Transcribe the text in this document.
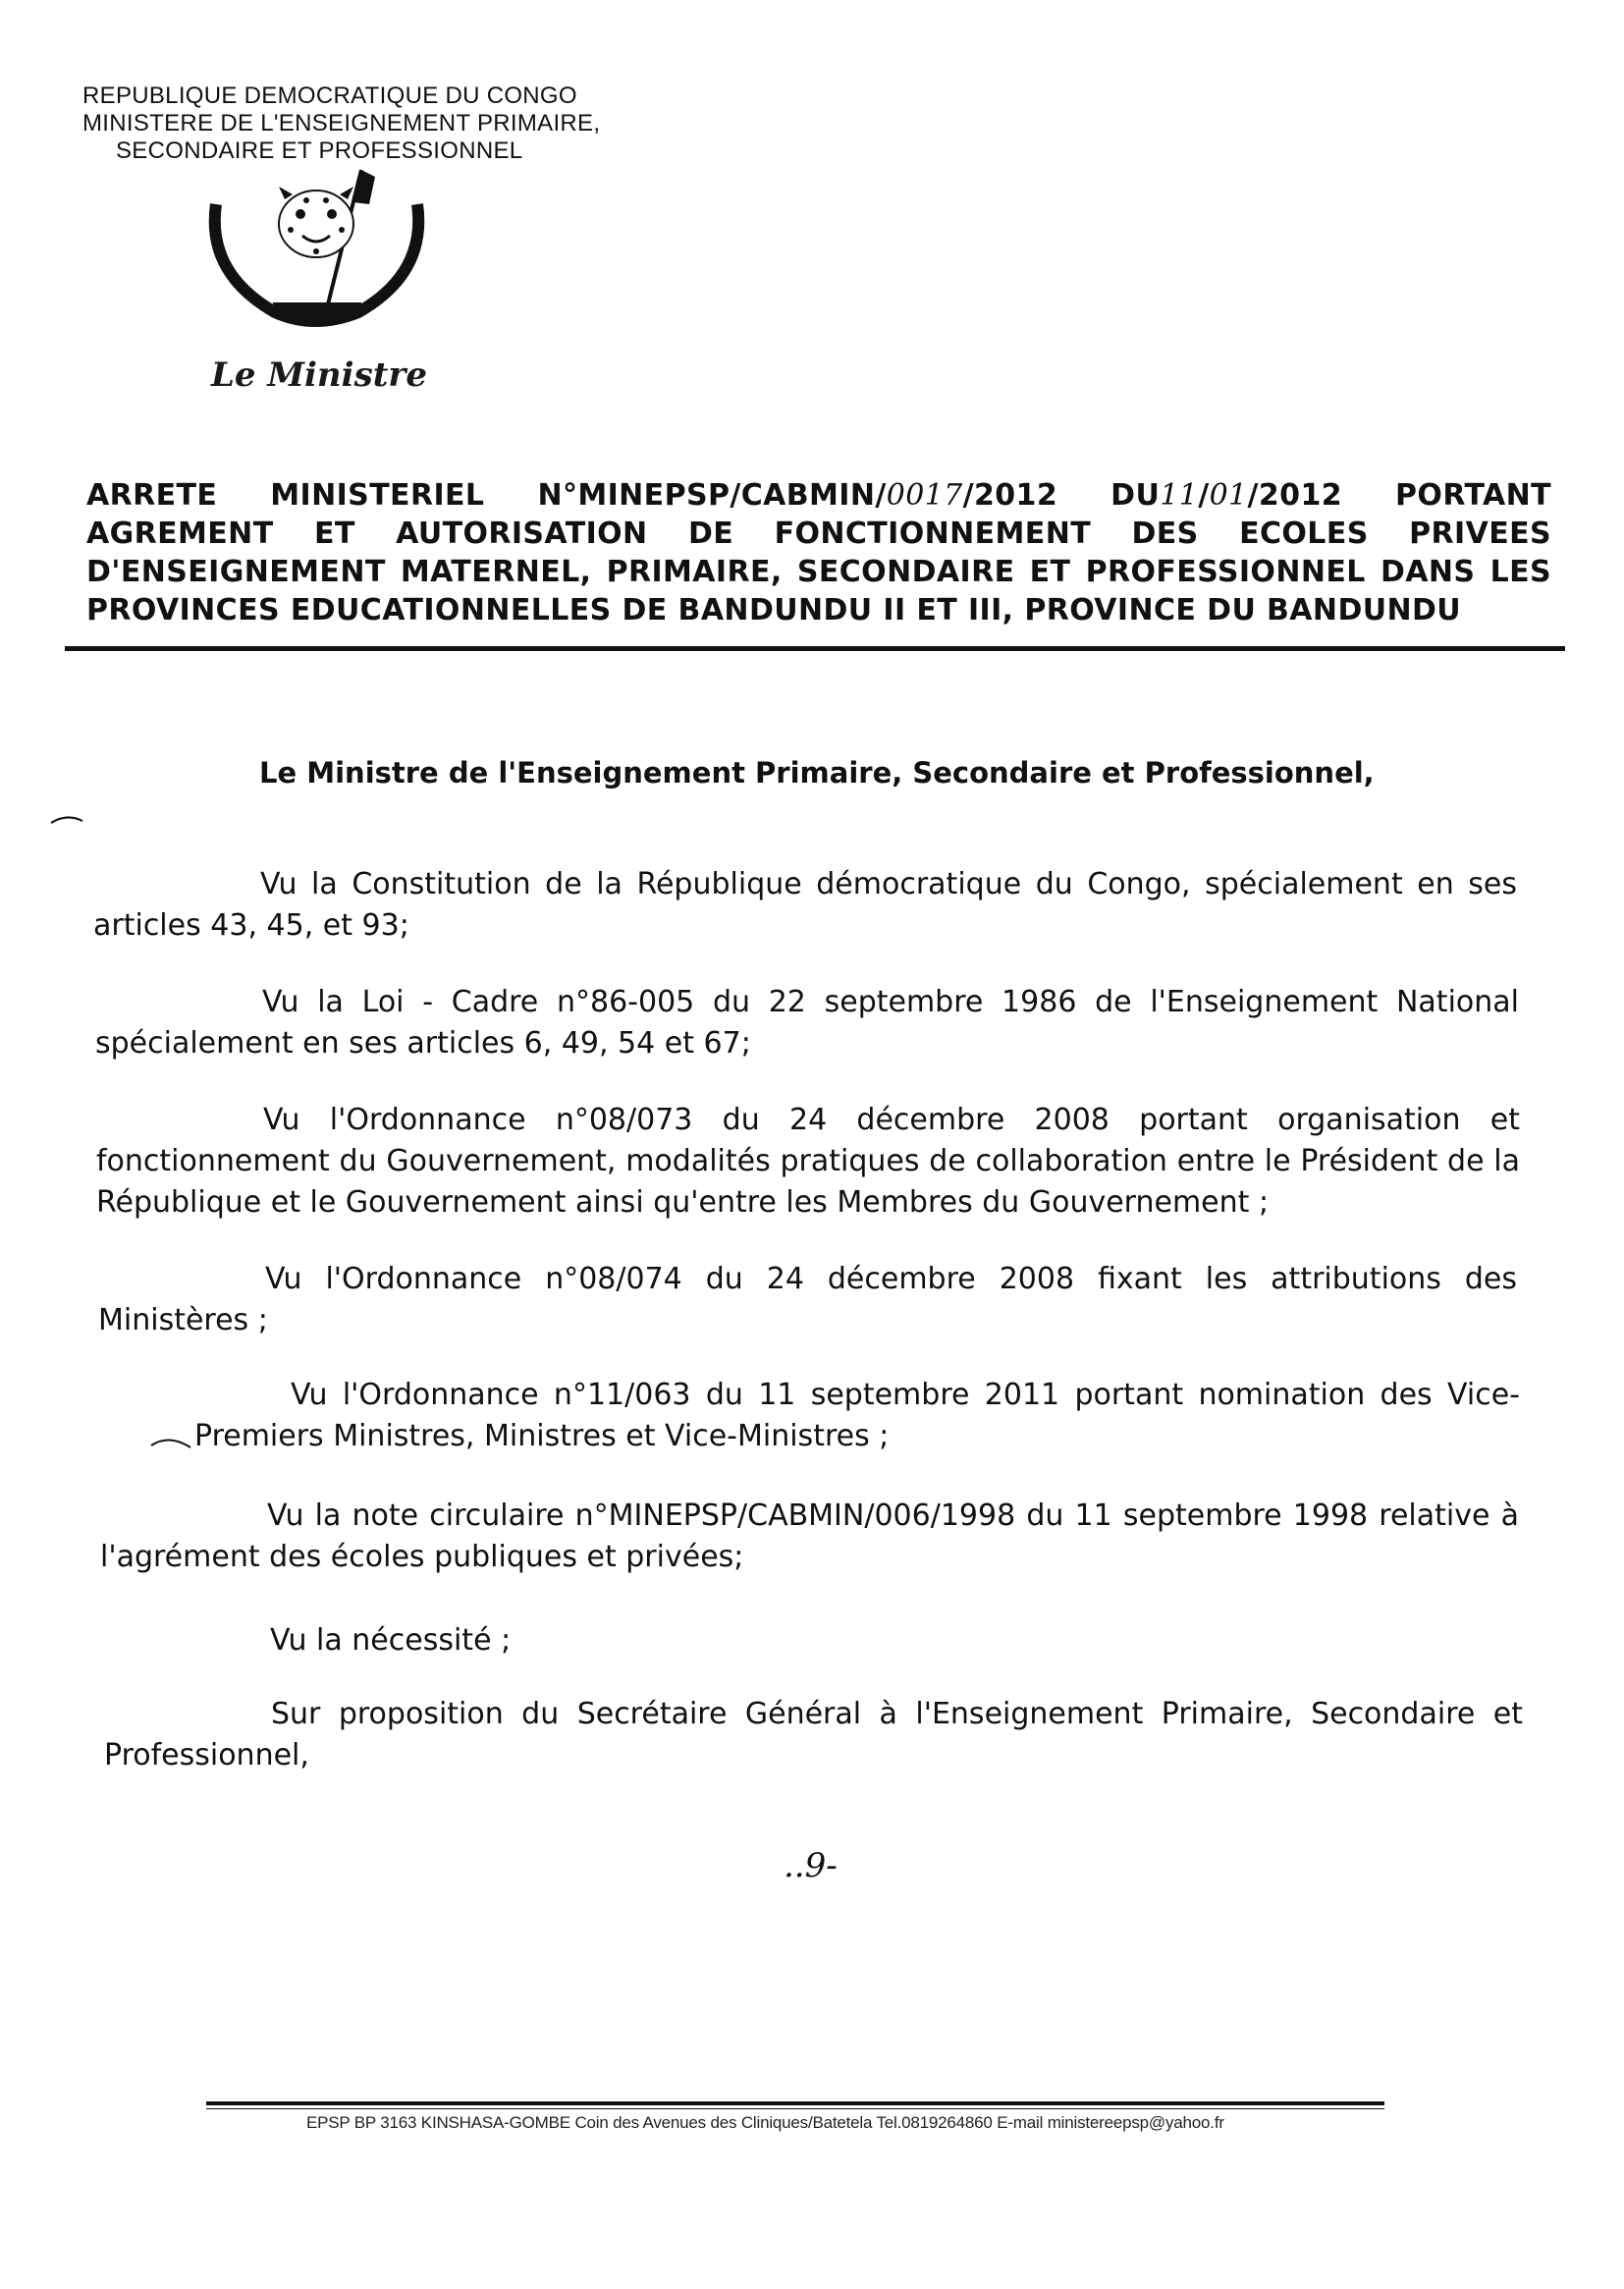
REPUBLIQUE DEMOCRATIQUE DU CONGO
MINISTERE DE L'ENSEIGNEMENT PRIMAIRE,
SECONDAIRE ET PROFESSIONNEL
Le Ministre
ARRETE MINISTERIEL N°MINEPSP/CABMIN/0017/2012 DU11/01/2012 PORTANT
AGREMENT ET AUTORISATION DE FONCTIONNEMENT DES ECOLES PRIVEES
D'ENSEIGNEMENT MATERNEL, PRIMAIRE, SECONDAIRE ET PROFESSIONNEL DANS LES
PROVINCES EDUCATIONNELLES DE BANDUNDU II ET III, PROVINCE DU BANDUNDU
Le Ministre de l'Enseignement Primaire, Secondaire et Professionnel,
Vu la Constitution de la République démocratique du Congo, spécialement en ses articles 43, 45, et 93;
Vu la Loi - Cadre n°86-005 du 22 septembre 1986 de l'Enseignement National spécialement en ses articles 6, 49, 54 et 67;
Vu l'Ordonnance n°08/073 du 24 décembre 2008 portant organisation et fonctionnement du Gouvernement, modalités pratiques de collaboration entre le Président de la République et le Gouvernement ainsi qu'entre les Membres du Gouvernement ;
Vu l'Ordonnance n°08/074 du 24 décembre 2008 fixant les attributions des Ministères ;
Vu l'Ordonnance n°11/063 du 11 septembre 2011 portant nomination des Vice-Premiers Ministres, Ministres et Vice-Ministres ;
Vu la note circulaire n°MINEPSP/CABMIN/006/1998 du 11 septembre 1998 relative à l'agrément des écoles publiques et privées;
Vu la nécessité ;
Sur proposition du Secrétaire Général à l'Enseignement Primaire, Secondaire et Professionnel,
..9-
EPSP BP 3163 KINSHASA-GOMBE Coin des Avenues des Cliniques/Batetela Tel.0819264860 E-mail ministereepsp@yahoo.fr
